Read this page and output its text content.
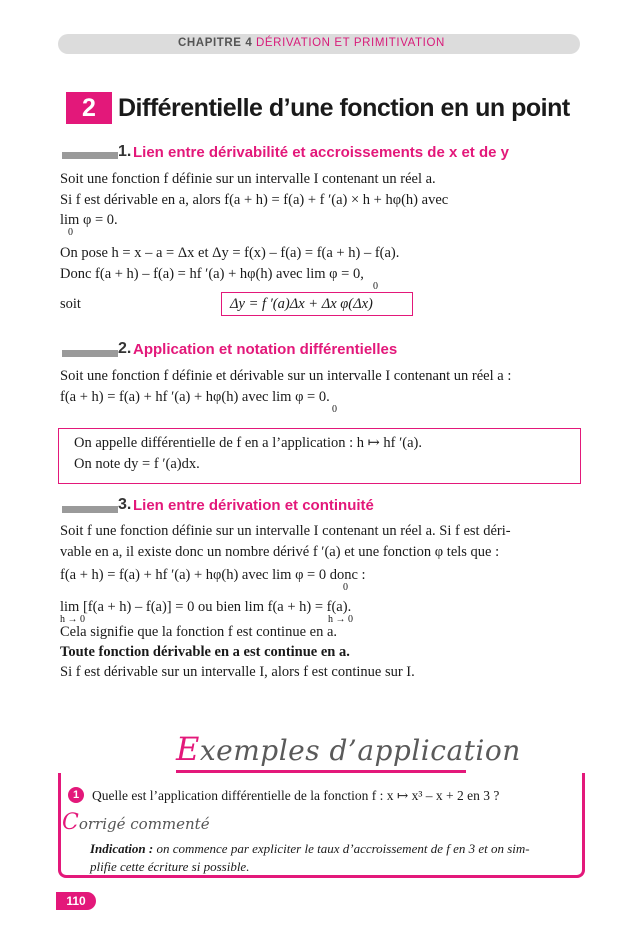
CHAPITRE 4 DÉRIVATION ET PRIMITIVATION
2 Différentielle d’une fonction en un point
1. Lien entre dérivabilité et accroissements de x et de y
Soit une fonction f définie sur un intervalle I contenant un réel a.
Si f est dérivable en a, alors f(a + h) = f(a) + f ′(a) × h + hφ(h) avec
lim φ = 0.
0
On pose h = x – a = Δx et Δy = f(x) – f(a) = f(a + h) – f(a).
Donc f(a + h) – f(a) = hf ′(a) + hφ(h) avec lim φ = 0,
0
soit	Δy = f ′(a)Δx + Δx φ(Δx)
2. Application et notation différentielles
Soit une fonction f définie et dérivable sur un intervalle I contenant un réel a :
f(a + h) = f(a) + hf ′(a) + hφ(h) avec lim φ = 0.
0
On appelle différentielle de f en a l’application : h ↦ hf ′(a).
On note dy = f ′(a)dx.
3. Lien entre dérivation et continuité
Soit f une fonction définie sur un intervalle I contenant un réel a. Si f est déri-
vable en a, il existe donc un nombre dérivé f ′(a) et une fonction φ tels que :
f(a + h) = f(a) + hf ′(a) + hφ(h) avec lim φ = 0 donc :
0
lim [f(a + h) – f(a)] = 0 ou bien lim f(a + h) = f(a).
h → 0	h → 0
Cela signifie que la fonction f est continue en a.
Toute fonction dérivable en a est continue en a.
Si f est dérivable sur un intervalle I, alors f est continue sur I.
Exemples d’application
1 Quelle est l’application différentielle de la fonction f : x ↦ x³ – x + 2 en 3 ?
Corrigé commenté
Indication : on commence par expliciter le taux d’accroissement de f en 3 et on sim-
plifie cette écriture si possible.
110
